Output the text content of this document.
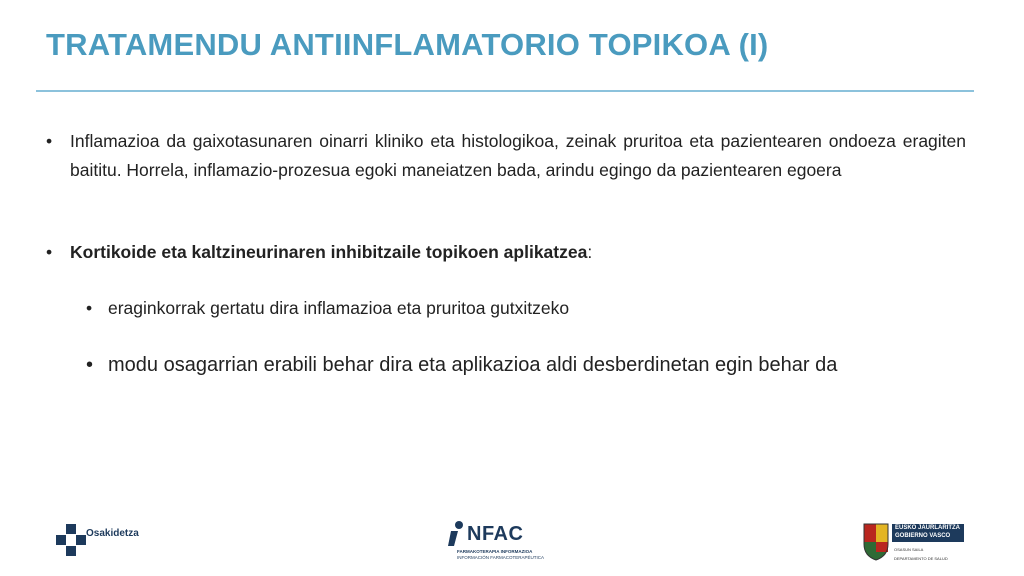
TRATAMENDU ANTIINFLAMATORIO TOPIKOA (I)
•	Inflamazioa da gaixotasunaren oinarri kliniko eta histologikoa, zeinak pruritoa eta pazientearen ondoeza eragiten baititu. Horrela, inflamazio-prozesua egoki maneiatzen bada, arindu egingo da pazientearen egoera
•	Kortikoide eta kaltzineurinaren inhibitzaile topikoen aplikatzea:
• eraginkorrak gertatu dira inflamazioa eta pruritoa gutxitzeko
• modu osagarrian erabili behar dira eta aplikazioa aldi desberdinetan egin behar da
Osakidetza	NFAC
FARMAKOTERAPIA INFORMAZIOA
INFORMACIÓN FARMACOTERAPÉUTICA
EUSKO JAURLARITZA
GOBIERNO VASCO
OSASUN SAILA
DEPARTAMENTO DE SALUD
